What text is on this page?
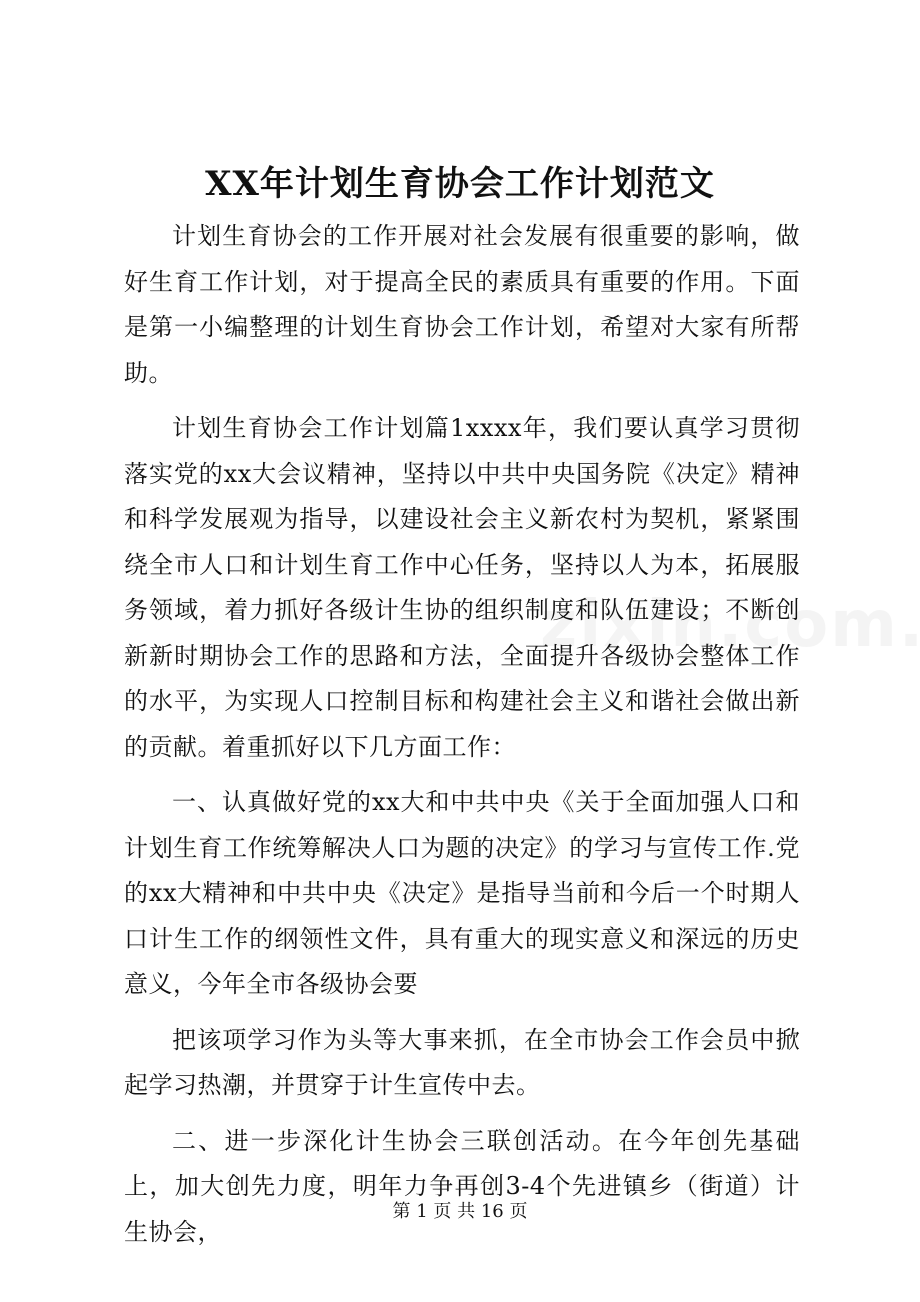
XX年计划生育协会工作计划范文

计划生育协会的工作开展对社会发展有很重要的影响，做好生育工作计划，对于提高全民的素质具有重要的作用。下面是第一小编整理的计划生育协会工作计划，希望对大家有所帮助。

计划生育协会工作计划篇1xxxx年，我们要认真学习贯彻落实党的xx大会议精神，坚持以中共中央国务院《决定》精神和科学发展观为指导，以建设社会主义新农村为契机，紧紧围绕全市人口和计划生育工作中心任务，坚持以人为本，拓展服务领域，着力抓好各级计生协的组织制度和队伍建设；不断创新新时期协会工作的思路和方法，全面提升各级协会整体工作的水平，为实现人口控制目标和构建社会主义和谐社会做出新的贡献。着重抓好以下几方面工作：

一、认真做好党的xx大和中共中央《关于全面加强人口和计划生育工作统筹解决人口为题的决定》的学习与宣传工作.党的xx大精神和中共中央《决定》是指导当前和今后一个时期人口计生工作的纲领性文件，具有重大的现实意义和深远的历史意义，今年全市各级协会要

把该项学习作为头等大事来抓，在全市协会工作会员中掀起学习热潮，并贯穿于计生宣传中去。

二、进一步深化计生协会三联创活动。在今年创先基础上，加大创先力度，明年力争再创3-4个先进镇乡（街道）计生协会，

第 1 页 共 16 页
